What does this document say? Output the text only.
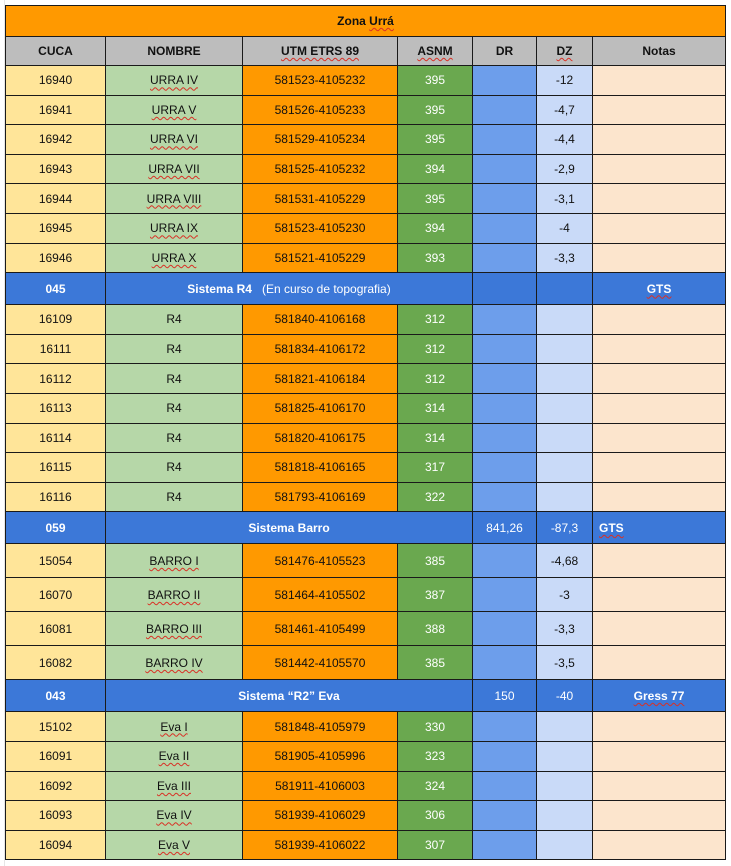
Zona Urrá						
CUCA	NOMBRE	UTM ETRS 89	ASNM	DR	DZ	Notas
16940	URRA IV	581523-4105232	395		-12	
16941	URRA V	581526-4105233	395		-4,7	
16942	URRA VI	581529-4105234	395		-4,4	
16943	URRA VII	581525-4105232	394		-2,9	
16944	URRA VIII	581531-4105229	395		-3,1	
16945	URRA IX	581523-4105230	394		-4	
16946	URRA X	581521-4105229	393		-3,3	
045	Sistema R4 (En curso de topografia)					GTS
16109	R4	581840-4106168	312			
16111	R4	581834-4106172	312			
16112	R4	581821-4106184	312			
16113	R4	581825-4106170	314			
16114	R4	581820-4106175	314			
16115	R4	581818-4106165	317			
16116	R4	581793-4106169	322			
059	Sistema Barro			841,26	-87,3	GTS
15054	BARRO I	581476-4105523	385		-4,68	
16070	BARRO II	581464-4105502	387		-3	
16081	BARRO III	581461-4105499	388		-3,3	
16082	BARRO IV	581442-4105570	385		-3,5	
043	Sistema “R2” Eva			150	-40	Gress 77
15102	Eva I	581848-4105979	330			
16091	Eva II	581905-4105996	323			
16092	Eva III	581911-4106003	324			
16093	Eva IV	581939-4106029	306			
16094	Eva V	581939-4106022	307			
